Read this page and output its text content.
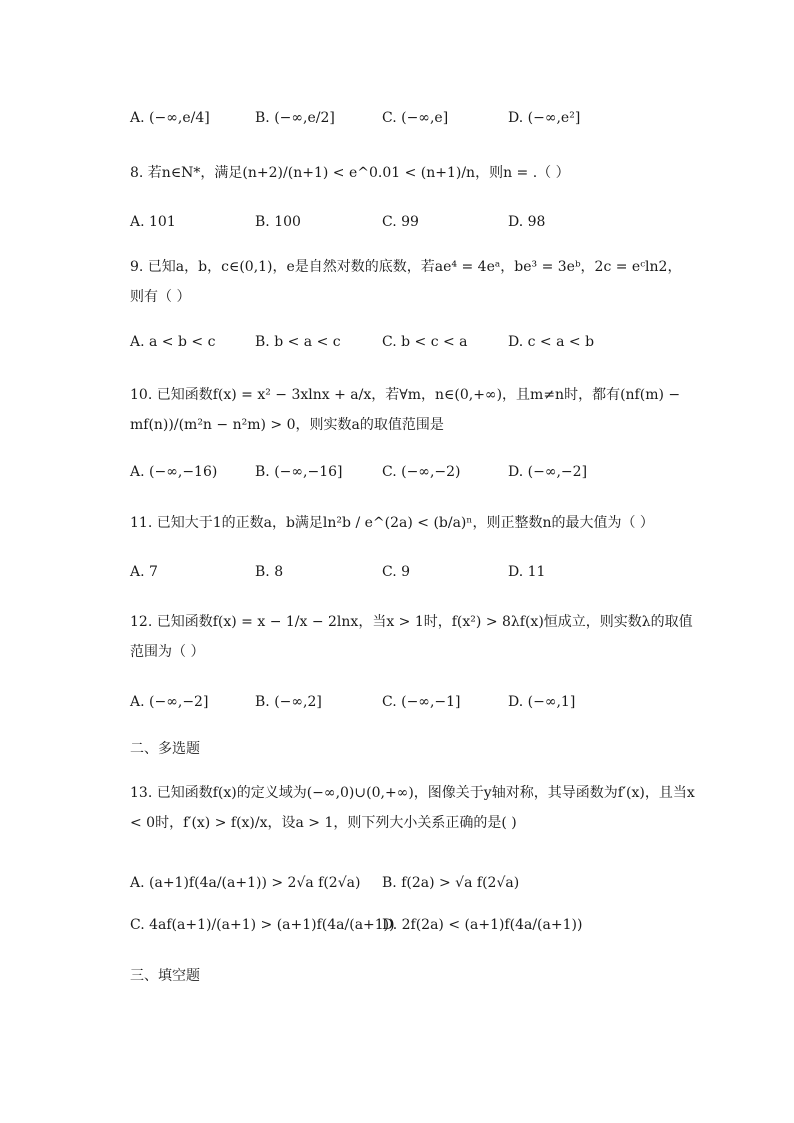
A. (−∞,e/4]	B. (−∞,e/2]	C. (−∞,e]	D. (−∞,e²]
8. 若n∈N*，满足(n+2)/(n+1) < e^0.01 < (n+1)/n，则n = .（ ）
A. 101	B. 100	C. 99	D. 98
9. 已知a，b，c∈(0,1)，e是自然对数的底数，若ae⁴ = 4eᵃ，be³ = 3eᵇ，2c = eᶜln2，则有（ ）
A. a < b < c	B. b < a < c	C. b < c < a	D. c < a < b
10. 已知函数f(x) = x² − 3xlnx + a/x，若∀m，n∈(0,+∞)，且m≠n时，都有(nf(m) − mf(n))/(m²n − n²m) > 0，则实数a的取值范围是
A. (−∞,−16)	B. (−∞,−16]	C. (−∞,−2)	D. (−∞,−2]
11. 已知大于1的正数a，b满足ln²b / e^(2a) < (b/a)ⁿ，则正整数n的最大值为（ ）
A. 7	B. 8	C. 9	D. 11
12. 已知函数f(x) = x − 1/x − 2lnx，当x > 1时，f(x²) > 8λf(x)恒成立，则实数λ的取值范围为（ ）
A. (−∞,−2]	B. (−∞,2]	C. (−∞,−1]	D. (−∞,1]
二、多选题
13. 已知函数f(x)的定义域为(−∞,0)∪(0,+∞)，图像关于y轴对称，其导函数为f′(x)，且当x < 0时，f′(x) > f(x)/x，设a > 1，则下列大小关系正确的是( )
A. (a+1)f(4a/(a+1)) > 2√a f(2√a) B. f(2a) > √a f(2√a)
C. 4af(a+1)/(a+1) > (a+1)f(4a/(a+1))
D. 2f(2a) < (a+1)f(4a/(a+1))
三、填空题
